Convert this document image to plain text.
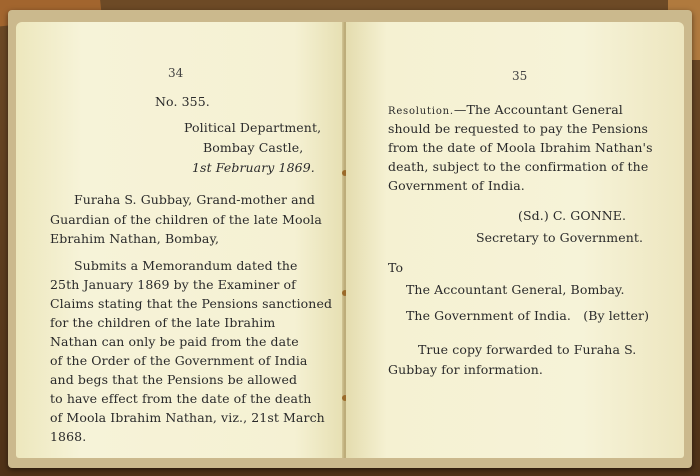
34
No. 355.
Political Department,
Bombay Castle,
1st February 1869.
Furaha S. Gubbay, Grand-mother and
Guardian of the children of the late Moola
Ebrahim Nathan, Bombay,
Submits a Memorandum dated the
25th January 1869 by the Examiner of
Claims stating that the Pensions sanctioned
for the children of the late Ibrahim
Nathan can only be paid from the date
of the Order of the Government of India
and begs that the Pensions be allowed
to have effect from the date of the death
of Moola Ibrahim Nathan, viz., 21st March
1868.
35
Resolution.—The Accountant General
should be requested to pay the Pensions
from the date of Moola Ibrahim Nathan's
death, subject to the confirmation of the
Government of India.
(Sd.) C. GONNE.
Secretary to Government.
To
The Accountant General, Bombay.
The Government of India.   (By letter)
True copy forwarded to Furaha S.
Gubbay for information.
